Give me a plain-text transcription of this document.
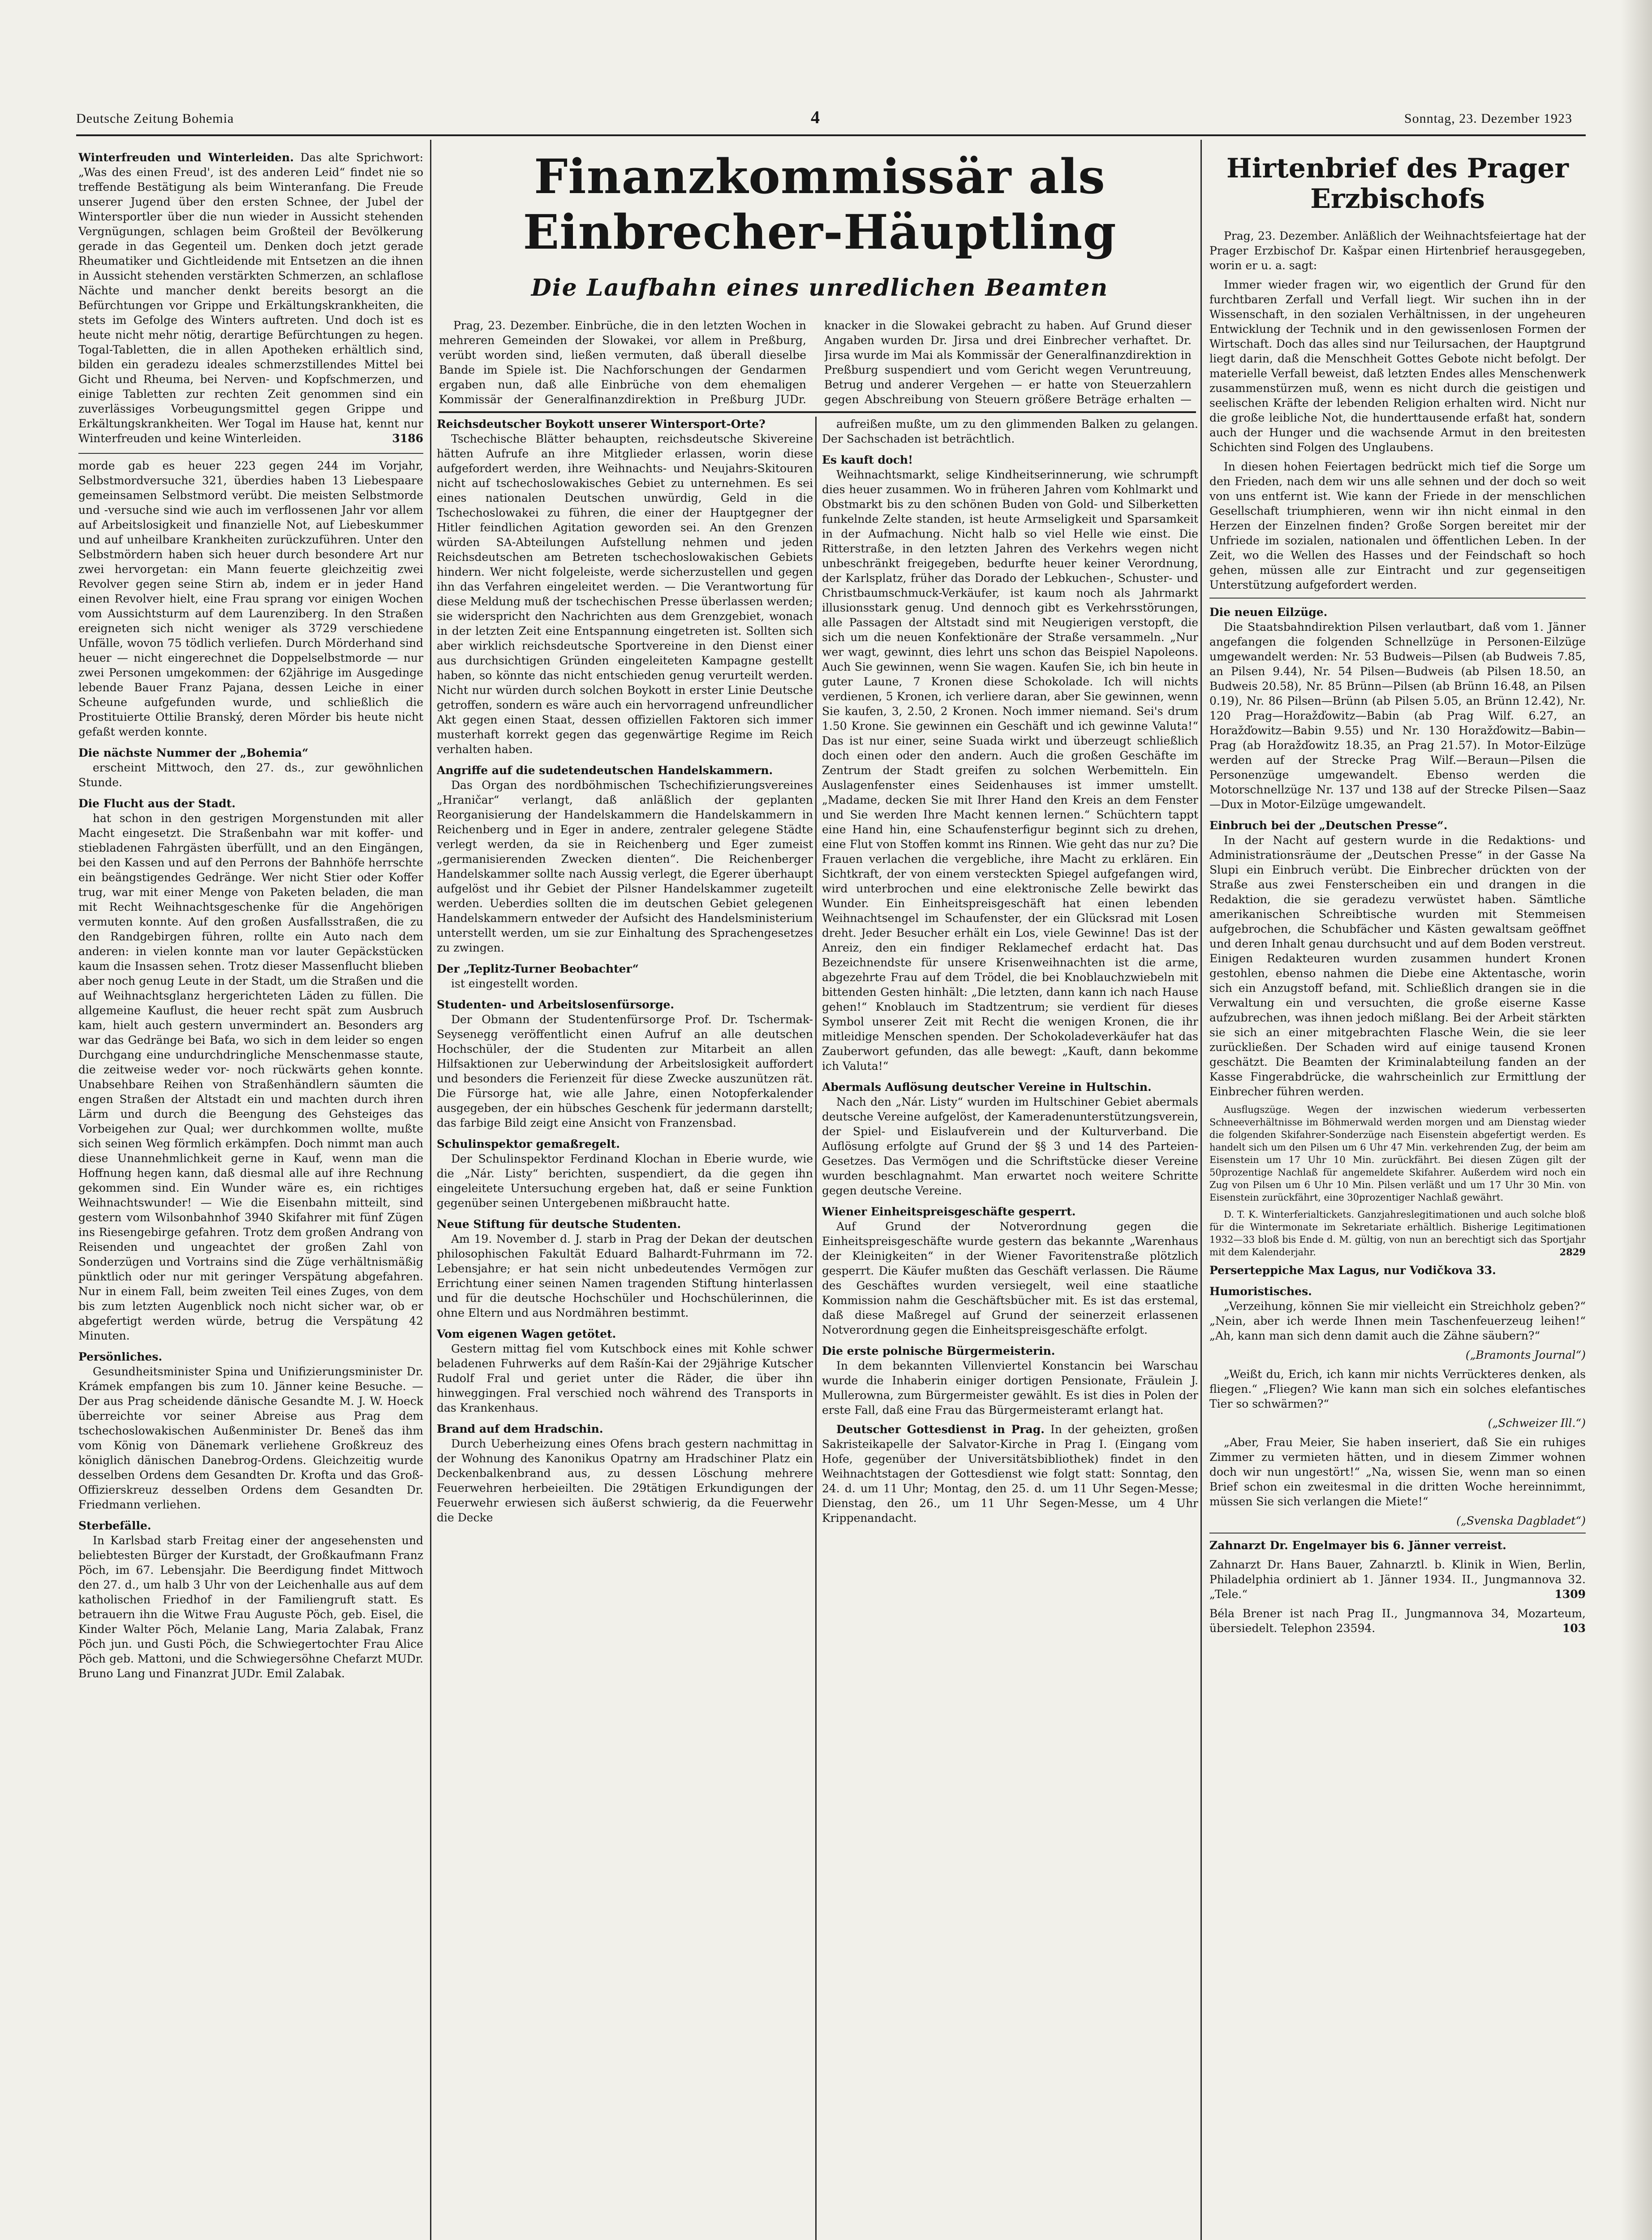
Deutsche Zeitung Bohemia	4	Sonntag, 23. Dezember 1923

Winterfreuden und Winterleiden. Das alte Sprichwort: „Was des einen Freud', ist des anderen Leid“ findet nie so treffende Bestätigung als beim Winteranfang. Die Freude unserer Jugend über den ersten Schnee, der Jubel der Wintersportler über die nun wieder in Aussicht stehenden Vergnügungen, schlagen beim Großteil der Bevölkerung gerade in das Gegenteil um. Denken doch jetzt gerade Rheumatiker und Gichtleidende mit Entsetzen an die ihnen in Aussicht stehenden verstärkten Schmerzen, an schlaflose Nächte und mancher denkt bereits besorgt an die Befürchtungen vor Grippe und Erkältungskrankheiten, die stets im Gefolge des Winters auftreten. Und doch ist es heute nicht mehr nötig, derartige Befürchtungen zu hegen. Togal-Tabletten, die in allen Apotheken erhältlich sind, bilden ein geradezu ideales schmerzstillendes Mittel bei Gicht und Rheuma, bei Nerven- und Kopfschmerzen, und einige Tabletten zur rechten Zeit genommen sind ein zuverlässiges Vorbeugungsmittel gegen Grippe und Erkältungskrankheiten. Wer Togal im Hause hat, kennt nur Winterfreuden und keine Winterleiden.	3186

morde gab es heuer 223 gegen 244 im Vorjahr, Selbstmordversuche 321, überdies haben 13 Liebespaare gemeinsamen Selbstmord verübt. Die meisten Selbstmorde und -versuche sind wie auch im verflossenen Jahr vor allem auf Arbeitslosigkeit und finanzielle Not, auf Liebeskummer und auf unheilbare Krankheiten zurückzuführen. Unter den Selbstmördern haben sich heuer durch besondere Art nur zwei hervorgetan: ein Mann feuerte gleichzeitig zwei Revolver gegen seine Stirn ab, indem er in jeder Hand einen Revolver hielt, eine Frau sprang vor einigen Wochen vom Aussichtsturm auf dem Laurenziberg. In den Straßen ereigneten sich nicht weniger als 3729 verschiedene Unfälle, wovon 75 tödlich verliefen. Durch Mörderhand sind heuer — nicht eingerechnet die Doppelselbstmorde — nur zwei Personen umgekommen: der 62jährige im Ausgedinge lebende Bauer Franz Pajana, dessen Leiche in einer Scheune aufgefunden wurde, und schließlich die Prostituierte Ottilie Branský, deren Mörder bis heute nicht gefaßt werden konnte.

Die nächste Nummer der „Bohemia“

erscheint Mittwoch, den 27. ds., zur gewöhnlichen Stunde.

Die Flucht aus der Stadt.

hat schon in den gestrigen Morgenstunden mit aller Macht eingesetzt. Die Straßenbahn war mit koffer- und stiebladenen Fahrgästen überfüllt, und an den Eingängen, bei den Kassen und auf den Perrons der Bahnhöfe herrschte ein beängstigendes Gedränge. Wer nicht Stier oder Koffer trug, war mit einer Menge von Paketen beladen, die man mit Recht Weihnachtsgeschenke für die Angehörigen vermuten konnte. Auf den großen Ausfallsstraßen, die zu den Randgebirgen führen, rollte ein Auto nach dem anderen: in vielen konnte man vor lauter Gepäckstücken kaum die Insassen sehen. Trotz dieser Massenflucht blieben aber noch genug Leute in der Stadt, um die Straßen und die auf Weihnachtsglanz hergerichteten Läden zu füllen. Die allgemeine Kauflust, die heuer recht spät zum Ausbruch kam, hielt auch gestern unvermindert an. Besonders arg war das Gedränge bei Baťa, wo sich in dem leider so engen Durchgang eine undurchdringliche Menschenmasse staute, die zeitweise weder vor- noch rückwärts gehen konnte. Unabsehbare Reihen von Straßenhändlern säumten die engen Straßen der Altstadt ein und machten durch ihren Lärm und durch die Beengung des Gehsteiges das Vorbeigehen zur Qual; wer durchkommen wollte, mußte sich seinen Weg förmlich erkämpfen. Doch nimmt man auch diese Unannehmlichkeit gerne in Kauf, wenn man die Hoffnung hegen kann, daß diesmal alle auf ihre Rechnung gekommen sind. Ein Wunder wäre es, ein richtiges Weihnachtswunder! — Wie die Eisenbahn mitteilt, sind gestern vom Wilsonbahnhof 3940 Skifahrer mit fünf Zügen ins Riesengebirge gefahren. Trotz dem großen Andrang von Reisenden und ungeachtet der großen Zahl von Sonderzügen und Vortrains sind die Züge verhältnismäßig pünktlich oder nur mit geringer Verspätung abgefahren. Nur in einem Fall, beim zweiten Teil eines Zuges, von dem bis zum letzten Augenblick noch nicht sicher war, ob er abgefertigt werden würde, betrug die Verspätung 42 Minuten.

Persönliches.

Gesundheitsminister Spina und Unifizierungsminister Dr. Krámek empfangen bis zum 10. Jänner keine Besuche. — Der aus Prag scheidende dänische Gesandte M. J. W. Hoeck überreichte vor seiner Abreise aus Prag dem tschechoslowakischen Außenminister Dr. Beneš das ihm vom König von Dänemark verliehene Großkreuz des königlich dänischen Danebrog-Ordens. Gleichzeitig wurde desselben Ordens dem Gesandten Dr. Krofta und das Groß-Offizierskreuz desselben Ordens dem Gesandten Dr. Friedmann verliehen.

Sterbefälle.

In Karlsbad starb Freitag einer der angesehensten und beliebtesten Bürger der Kurstadt, der Großkaufmann Franz Pöch, im 67. Lebensjahr. Die Beerdigung findet Mittwoch den 27. d., um halb 3 Uhr von der Leichenhalle aus auf dem katholischen Friedhof in der Familiengruft statt. Es betrauern ihn die Witwe Frau Auguste Pöch, geb. Eisel, die Kinder Walter Pöch, Melanie Lang, Maria Zalabak, Franz Pöch jun. und Gusti Pöch, die Schwiegertochter Frau Alice Pöch geb. Mattoni, und die Schwiegersöhne Chefarzt MUDr. Bruno Lang und Finanzrat JUDr. Emil Zalabak.

Finanzkommissär als Einbrecher-Häuptling
Die Laufbahn eines unredlichen Beamten

Prag, 23. Dezember. Einbrüche, die in den letzten Wochen in mehreren Gemeinden der Slowakei, vor allem in Preßburg, verübt worden sind, ließen vermuten, daß überall dieselbe Bande im Spiele ist. Die Nachforschungen der Gendarmen ergaben nun, daß alle Einbrüche von dem ehemaligen Kommissär der Generalfinanzdirektion in Preßburg JUDr.

knacker in die Slowakei gebracht zu haben. Auf Grund dieser Angaben wurden Dr. Jirsa und drei Einbrecher verhaftet. Dr. Jirsa wurde im Mai als Kommissär der Generalfinanzdirektion in Preßburg suspendiert und vom Gericht wegen Veruntreuung, Betrug und anderer Vergehen — er hatte von Steuerzahlern gegen Abschreibung von Steuern größere Beträge erhalten —

Reichsdeutscher Boykott unserer Wintersport-Orte?

Tschechische Blätter behaupten, reichsdeutsche Skivereine hätten Aufrufe an ihre Mitglieder erlassen, worin diese aufgefordert werden, ihre Weihnachts- und Neujahrs-Skitouren nicht auf tschechoslowakisches Gebiet zu unternehmen. Es sei eines nationalen Deutschen unwürdig, Geld in die Tschechoslowakei zu führen, die einer der Hauptgegner der Hitler feindlichen Agitation geworden sei. An den Grenzen würden SA-Abteilungen Aufstellung nehmen und jeden Reichsdeutschen am Betreten tschechoslowakischen Gebiets hindern. Wer nicht folgeleiste, werde sicherzustellen und gegen ihn das Verfahren eingeleitet werden. — Die Verantwortung für diese Meldung muß der tschechischen Presse überlassen werden; sie widerspricht den Nachrichten aus dem Grenzgebiet, wonach in der letzten Zeit eine Entspannung eingetreten ist. Sollten sich aber wirklich reichsdeutsche Sportvereine in den Dienst einer aus durchsichtigen Gründen eingeleiteten Kampagne gestellt haben, so könnte das nicht entschieden genug verurteilt werden. Nicht nur würden durch solchen Boykott in erster Linie Deutsche getroffen, sondern es wäre auch ein hervorragend unfreundlicher Akt gegen einen Staat, dessen offiziellen Faktoren sich immer musterhaft korrekt gegen das gegenwärtige Regime im Reich verhalten haben.

Angriffe auf die sudetendeutschen Handelskammern.

Das Organ des nordböhmischen Tschechifizierungsvereines „Hraničar“ verlangt, daß anläßlich der geplanten Reorganisierung der Handelskammern die Handelskammern in Reichenberg und in Eger in andere, zentraler gelegene Städte verlegt werden, da sie in Reichenberg und Eger zumeist „germanisierenden Zwecken dienten“. Die Reichenberger Handelskammer sollte nach Aussig verlegt, die Egerer überhaupt aufgelöst und ihr Gebiet der Pilsner Handelskammer zugeteilt werden. Ueberdies sollten die im deutschen Gebiet gelegenen Handelskammern entweder der Aufsicht des Handelsministerium unterstellt werden, um sie zur Einhaltung des Sprachengesetzes zu zwingen.

Der „Teplitz-Turner Beobachter“

ist eingestellt worden.

Studenten- und Arbeitslosenfürsorge.

Der Obmann der Studentenfürsorge Prof. Dr. Tschermak-Seysenegg veröffentlicht einen Aufruf an alle deutschen Hochschüler, der die Studenten zur Mitarbeit an allen Hilfsaktionen zur Ueberwindung der Arbeitslosigkeit auffordert und besonders die Ferienzeit für diese Zwecke auszunützen rät. Die Fürsorge hat, wie alle Jahre, einen Notopferkalender ausgegeben, der ein hübsches Geschenk für jedermann darstellt; das farbige Bild zeigt eine Ansicht von Franzensbad.

Schulinspektor gemaßregelt.

Der Schulinspektor Ferdinand Klochan in Eberie wurde, wie die „Nár. Listy“ berichten, suspendiert, da die gegen ihn eingeleitete Untersuchung ergeben hat, daß er seine Funktion gegenüber seinen Untergebenen mißbraucht hatte.

Neue Stiftung für deutsche Studenten.

Am 19. November d. J. starb in Prag der Dekan der deutschen philosophischen Fakultät Eduard Balhardt-Fuhrmann im 72. Lebensjahre; er hat sein nicht unbedeutendes Vermögen zur Errichtung einer seinen Namen tragenden Stiftung hinterlassen und für die deutsche Hochschüler und Hochschülerinnen, die ohne Eltern und aus Nordmähren bestimmt.

Vom eigenen Wagen getötet.

Gestern mittag fiel vom Kutschbock eines mit Kohle schwer beladenen Fuhrwerks auf dem Rašín-Kai der 29jährige Kutscher Rudolf Fral und geriet unter die Räder, die über ihn hinweggingen. Fral verschied noch während des Transports in das Krankenhaus.

Brand auf dem Hradschin.

Durch Ueberheizung eines Ofens brach gestern nachmittag in der Wohnung des Kanonikus Opatrny am Hradschiner Platz ein Deckenbalkenbrand aus, zu dessen Löschung mehrere Feuerwehren herbeieilten. Die 29tätigen Erkundigungen der Feuerwehr erwiesen sich äußerst schwierig, da die Feuerwehr die Decke

aufreißen mußte, um zu den glimmenden Balken zu gelangen. Der Sachschaden ist beträchtlich.

Es kauft doch!

Weihnachtsmarkt, selige Kindheitserinnerung, wie schrumpft dies heuer zusammen. Wo in früheren Jahren vom Kohlmarkt und Obstmarkt bis zu den schönen Buden von Gold- und Silberketten funkelnde Zelte standen, ist heute Armseligkeit und Sparsamkeit in der Aufmachung. Nicht halb so viel Helle wie einst. Die Ritterstraße, in den letzten Jahren des Verkehrs wegen nicht unbeschränkt freigegeben, bedurfte heuer keiner Verordnung, der Karlsplatz, früher das Dorado der Lebkuchen-, Schuster- und Christbaumschmuck-Verkäufer, ist kaum noch als Jahrmarkt illusionsstark genug. Und dennoch gibt es Verkehrsstörungen, alle Passagen der Altstadt sind mit Neugierigen verstopft, die sich um die neuen Konfektionäre der Straße versammeln. „Nur wer wagt, gewinnt, dies lehrt uns schon das Beispiel Napoleons. Auch Sie gewinnen, wenn Sie wagen. Kaufen Sie, ich bin heute in guter Laune, 7 Kronen diese Schokolade. Ich will nichts verdienen, 5 Kronen, ich verliere daran, aber Sie gewinnen, wenn Sie kaufen, 3, 2.50, 2 Kronen. Noch immer niemand. Sei's drum 1.50 Krone. Sie gewinnen ein Geschäft und ich gewinne Valuta!“ Das ist nur einer, seine Suada wirkt und überzeugt schließlich doch einen oder den andern. Auch die großen Geschäfte im Zentrum der Stadt greifen zu solchen Werbemitteln. Ein Auslagenfenster eines Seidenhauses ist immer umstellt. „Madame, decken Sie mit Ihrer Hand den Kreis an dem Fenster und Sie werden Ihre Macht kennen lernen.“ Schüchtern tappt eine Hand hin, eine Schaufensterfigur beginnt sich zu drehen, eine Flut von Stoffen kommt ins Rinnen. Wie geht das nur zu? Die Frauen verlachen die vergebliche, ihre Macht zu erklären. Ein Sichtkraft, der von einem versteckten Spiegel aufgefangen wird, wird unterbrochen und eine elektronische Zelle bewirkt das Wunder. Ein Einheitspreisgeschäft hat einen lebenden Weihnachtsengel im Schaufenster, der ein Glücksrad mit Losen dreht. Jeder Besucher erhält ein Los, viele Gewinne! Das ist der Anreiz, den ein findiger Reklamechef erdacht hat. Das Bezeichnendste für unsere Krisenweihnachten ist die arme, abgezehrte Frau auf dem Trödel, die bei Knoblauchzwiebeln mit bittenden Gesten hinhält: „Die letzten, dann kann ich nach Hause gehen!“ Knoblauch im Stadtzentrum; sie verdient für dieses Symbol unserer Zeit mit Recht die wenigen Kronen, die ihr mitleidige Menschen spenden. Der Schokoladeverkäufer hat das Zauberwort gefunden, das alle bewegt: „Kauft, dann bekomme ich Valuta!“

Abermals Auflösung deutscher Vereine in Hultschin.

Nach den „Nár. Listy“ wurden im Hultschiner Gebiet abermals deutsche Vereine aufgelöst, der Kameradenunterstützungsverein, der Spiel- und Eislaufverein und der Kulturverband. Die Auflösung erfolgte auf Grund der §§ 3 und 14 des Parteien-Gesetzes. Das Vermögen und die Schriftstücke dieser Vereine wurden beschlagnahmt. Man erwartet noch weitere Schritte gegen deutsche Vereine.

Wiener Einheitspreisgeschäfte gesperrt.

Auf Grund der Notverordnung gegen die Einheitspreisgeschäfte wurde gestern das bekannte „Warenhaus der Kleinigkeiten“ in der Wiener Favoritenstraße plötzlich gesperrt. Die Käufer mußten das Geschäft verlassen. Die Räume des Geschäftes wurden versiegelt, weil eine staatliche Kommission nahm die Geschäftsbücher mit. Es ist das erstemal, daß diese Maßregel auf Grund der seinerzeit erlassenen Notverordnung gegen die Einheitspreisgeschäfte erfolgt.

Die erste polnische Bürgermeisterin.

In dem bekannten Villenviertel Konstancin bei Warschau wurde die Inhaberin einiger dortigen Pensionate, Fräulein J. Mullerowna, zum Bürgermeister gewählt. Es ist dies in Polen der erste Fall, daß eine Frau das Bürgermeisteramt erlangt hat.

Deutscher Gottesdienst in Prag. In der geheizten, großen Sakristeikapelle der Salvator-Kirche in Prag I. (Eingang vom Hofe, gegenüber der Universitätsbibliothek) findet in den Weihnachtstagen der Gottesdienst wie folgt statt: Sonntag, den 24. d. um 11 Uhr; Montag, den 25. d. um 11 Uhr Segen-Messe; Dienstag, den 26., um 11 Uhr Segen-Messe, um 4 Uhr Krippenandacht.

Hirtenbrief des Prager Erzbischofs

Prag, 23. Dezember. Anläßlich der Weihnachtsfeiertage hat der Prager Erzbischof Dr. Kašpar einen Hirtenbrief herausgegeben, worin er u. a. sagt:

Immer wieder fragen wir, wo eigentlich der Grund für den furchtbaren Zerfall und Verfall liegt. Wir suchen ihn in der Wissenschaft, in den sozialen Verhältnissen, in der ungeheuren Entwicklung der Technik und in den gewissenlosen Formen der Wirtschaft. Doch das alles sind nur Teilursachen, der Hauptgrund liegt darin, daß die Menschheit Gottes Gebote nicht befolgt. Der materielle Verfall beweist, daß letzten Endes alles Menschenwerk zusammenstürzen muß, wenn es nicht durch die geistigen und seelischen Kräfte der lebenden Religion erhalten wird. Nicht nur die große leibliche Not, die hunderttausende erfaßt hat, sondern auch der Hunger und die wachsende Armut in den breitesten Schichten sind Folgen des Unglaubens.

In diesen hohen Feiertagen bedrückt mich tief die Sorge um den Frieden, nach dem wir uns alle sehnen und der doch so weit von uns entfernt ist. Wie kann der Friede in der menschlichen Gesellschaft triumphieren, wenn wir ihn nicht einmal in den Herzen der Einzelnen finden? Große Sorgen bereitet mir der Unfriede im sozialen, nationalen und öffentlichen Leben. In der Zeit, wo die Wellen des Hasses und der Feindschaft so hoch gehen, müssen alle zur Eintracht und zur gegenseitigen Unterstützung aufgefordert werden.

Die neuen Eilzüge.

Die Staatsbahndirektion Pilsen verlautbart, daß vom 1. Jänner angefangen die folgenden Schnellzüge in Personen-Eilzüge umgewandelt werden: Nr. 53 Budweis—Pilsen (ab Budweis 7.85, an Pilsen 9.44), Nr. 54 Pilsen—Budweis (ab Pilsen 18.50, an Budweis 20.58), Nr. 85 Brünn—Pilsen (ab Brünn 16.48, an Pilsen 0.19), Nr. 86 Pilsen—Brünn (ab Pilsen 5.05, an Brünn 12.42), Nr. 120 Prag—Horažďowitz—Babin (ab Prag Wilf. 6.27, an Horažďowitz—Babin 9.55) und Nr. 130 Horažďowitz—Babin—Prag (ab Horažďowitz 18.35, an Prag 21.57). In Motor-Eilzüge werden auf der Strecke Prag Wilf.—Beraun—Pilsen die Personenzüge umgewandelt. Ebenso werden die Motorschnellzüge Nr. 137 und 138 auf der Strecke Pilsen—Saaz—Dux in Motor-Eilzüge umgewandelt.

Einbruch bei der „Deutschen Presse“.

In der Nacht auf gestern wurde in die Redaktions- und Administrationsräume der „Deutschen Presse“ in der Gasse Na Slupi ein Einbruch verübt. Die Einbrecher drückten von der Straße aus zwei Fensterscheiben ein und drangen in die Redaktion, die sie geradezu verwüstet haben. Sämtliche amerikanischen Schreibtische wurden mit Stemmeisen aufgebrochen, die Schubfächer und Kästen gewaltsam geöffnet und deren Inhalt genau durchsucht und auf dem Boden verstreut. Einigen Redakteuren wurden zusammen hundert Kronen gestohlen, ebenso nahmen die Diebe eine Aktentasche, worin sich ein Anzugstoff befand, mit. Schließlich drangen sie in die Verwaltung ein und versuchten, die große eiserne Kasse aufzubrechen, was ihnen jedoch mißlang. Bei der Arbeit stärkten sie sich an einer mitgebrachten Flasche Wein, die sie leer zurückließen. Der Schaden wird auf einige tausend Kronen geschätzt. Die Beamten der Kriminalabteilung fanden an der Kasse Fingerabdrücke, die wahrscheinlich zur Ermittlung der Einbrecher führen werden.

Ausflugszüge. Wegen der inzwischen wiederum verbesserten Schneeverhältnisse im Böhmerwald werden morgen und am Dienstag wieder die folgenden Skifahrer-Sonderzüge nach Eisenstein abgefertigt werden. Es handelt sich um den Pilsen um 6 Uhr 47 Min. verkehrenden Zug, der beim am Eisenstein um 17 Uhr 10 Min. zurückfährt. Bei diesen Zügen gilt der 50prozentige Nachlaß für angemeldete Skifahrer. Außerdem wird noch ein Zug von Pilsen um 6 Uhr 10 Min. Pilsen verläßt und um 17 Uhr 30 Min. von Eisenstein zurückfährt, eine 30prozentiger Nachlaß gewährt.

D. T. K. Winterferialtickets. Ganzjahreslegitimationen und auch solche bloß für die Wintermonate im Sekretariate erhältlich. Bisherige Legitimationen 1932—33 bloß bis Ende d. M. gültig, von nun an berechtigt sich das Sportjahr mit dem Kalenderjahr.	2829

Perserteppiche Max Lagus, nur Vodičkova 33.

Humoristisches.

„Verzeihung, können Sie mir vielleicht ein Streichholz geben?“ „Nein, aber ich werde Ihnen mein Taschenfeuerzeug leihen!“ „Ah, kann man sich denn damit auch die Zähne säubern?“

(„Bramonts Journal“)

„Weißt du, Erich, ich kann mir nichts Verrückteres denken, als fliegen.“ „Fliegen? Wie kann man sich ein solches elefantisches Tier so schwärmen?“

(„Schweizer Ill.“)

„Aber, Frau Meier, Sie haben inseriert, daß Sie ein ruhiges Zimmer zu vermieten hätten, und in diesem Zimmer wohnen doch wir nun ungestört!“ „Na, wissen Sie, wenn man so einen Brief schon ein zweitesmal in die dritten Woche hereinnimmt, müssen Sie sich verlangen die Miete!“

(„Svenska Dagbladet“)

Zahnarzt Dr. Engelmayer bis 6. Jänner verreist.

Zahnarzt Dr. Hans Bauer, Zahnarztl. b. Klinik in Wien, Berlin, Philadelphia ordiniert ab 1. Jänner 1934. II., Jungmannova 32. „Tele.“	1309

Béla Brener ist nach Prag II., Jungmannova 34, Mozarteum, übersiedelt. Telephon 23594.	103
